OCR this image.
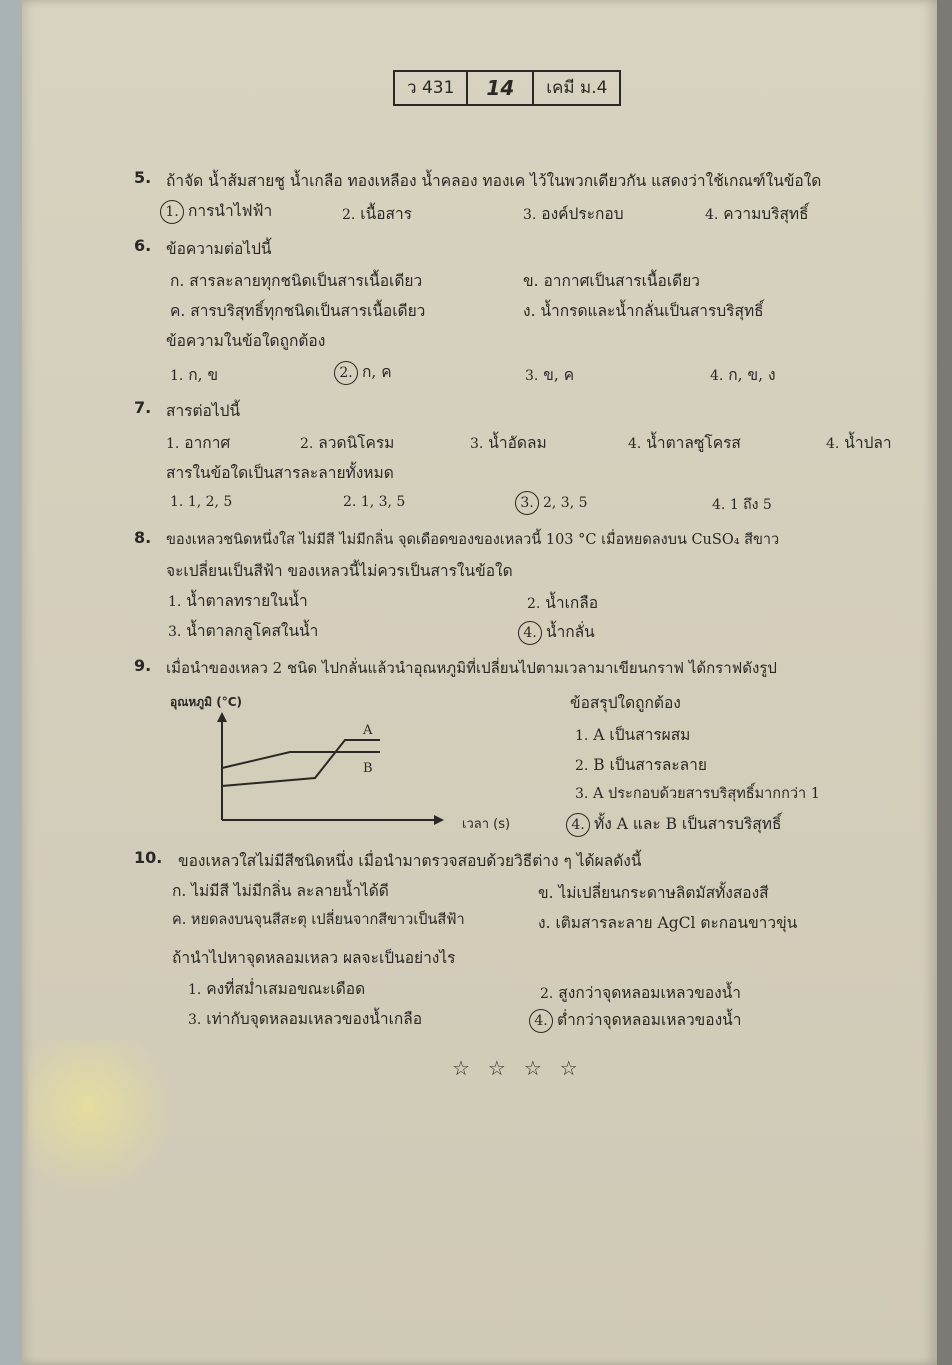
ว 431	14	เคมี ม.4
5. ถ้าจัด น้ำส้มสายชู น้ำเกลือ ทองเหลือง น้ำคลอง ทองเค ไว้ในพวกเดียวกัน แสดงว่าใช้เกณฑ์ในข้อใด
1. การนำไฟฟ้า	2. เนื้อสาร	3. องค์ประกอบ	4. ความบริสุทธิ์
6. ข้อความต่อไปนี้
ก. สารละลายทุกชนิดเป็นสารเนื้อเดียว	ข. อากาศเป็นสารเนื้อเดียว
ค. สารบริสุทธิ์ทุกชนิดเป็นสารเนื้อเดียว	ง. น้ำกรดและน้ำกลั่นเป็นสารบริสุทธิ์
ข้อความในข้อใดถูกต้อง
1. ก, ข	2. ก, ค	3. ข, ค	4. ก, ข, ง
7. สารต่อไปนี้
1. อากาศ	2. ลวดนิโครม	3. น้ำอัดลม	4. น้ำตาลซูโครส	4. น้ำปลา
สารในข้อใดเป็นสารละลายทั้งหมด
1. 1, 2, 5	2. 1, 3, 5	3. 2, 3, 5	4. 1 ถึง 5
8. ของเหลวชนิดหนึ่งใส ไม่มีสี ไม่มีกลิ่น จุดเดือดของของเหลวนี้ 103 °C เมื่อหยดลงบน CuSO₄ สีขาว
จะเปลี่ยนเป็นสีฟ้า ของเหลวนี้ไม่ควรเป็นสารในข้อใด
1. น้ำตาลทรายในน้ำ	2. น้ำเกลือ
3. น้ำตาลกลูโคสในน้ำ	4. น้ำกลั่น
9. เมื่อนำของเหลว 2 ชนิด ไปกลั่นแล้วนำอุณหภูมิที่เปลี่ยนไปตามเวลามาเขียนกราฟ ได้กราฟดังรูป
อุณหภูมิ (°C)
A
B
เวลา (s)
ข้อสรุปใดถูกต้อง
1. A เป็นสารผสม
2. B เป็นสารละลาย
3. A ประกอบด้วยสารบริสุทธิ์มากกว่า 1
4. ทั้ง A และ B เป็นสารบริสุทธิ์
10. ของเหลวใสไม่มีสีชนิดหนึ่ง เมื่อนำมาตรวจสอบด้วยวิธีต่าง ๆ ได้ผลดังนี้
ก. ไม่มีสี ไม่มีกลิ่น ละลายน้ำได้ดี	ข. ไม่เปลี่ยนกระดาษลิตมัสทั้งสองสี
ค. หยดลงบนจุนสีสะตุ เปลี่ยนจากสีขาวเป็นสีฟ้า	ง. เติมสารละลาย AgCl ตะกอนขาวขุ่น
ถ้านำไปหาจุดหลอมเหลว ผลจะเป็นอย่างไร
1. คงที่สม่ำเสมอขณะเดือด	2. สูงกว่าจุดหลอมเหลวของน้ำ
3. เท่ากับจุดหลอมเหลวของน้ำเกลือ	4. ต่ำกว่าจุดหลอมเหลวของน้ำ
☆☆☆☆
